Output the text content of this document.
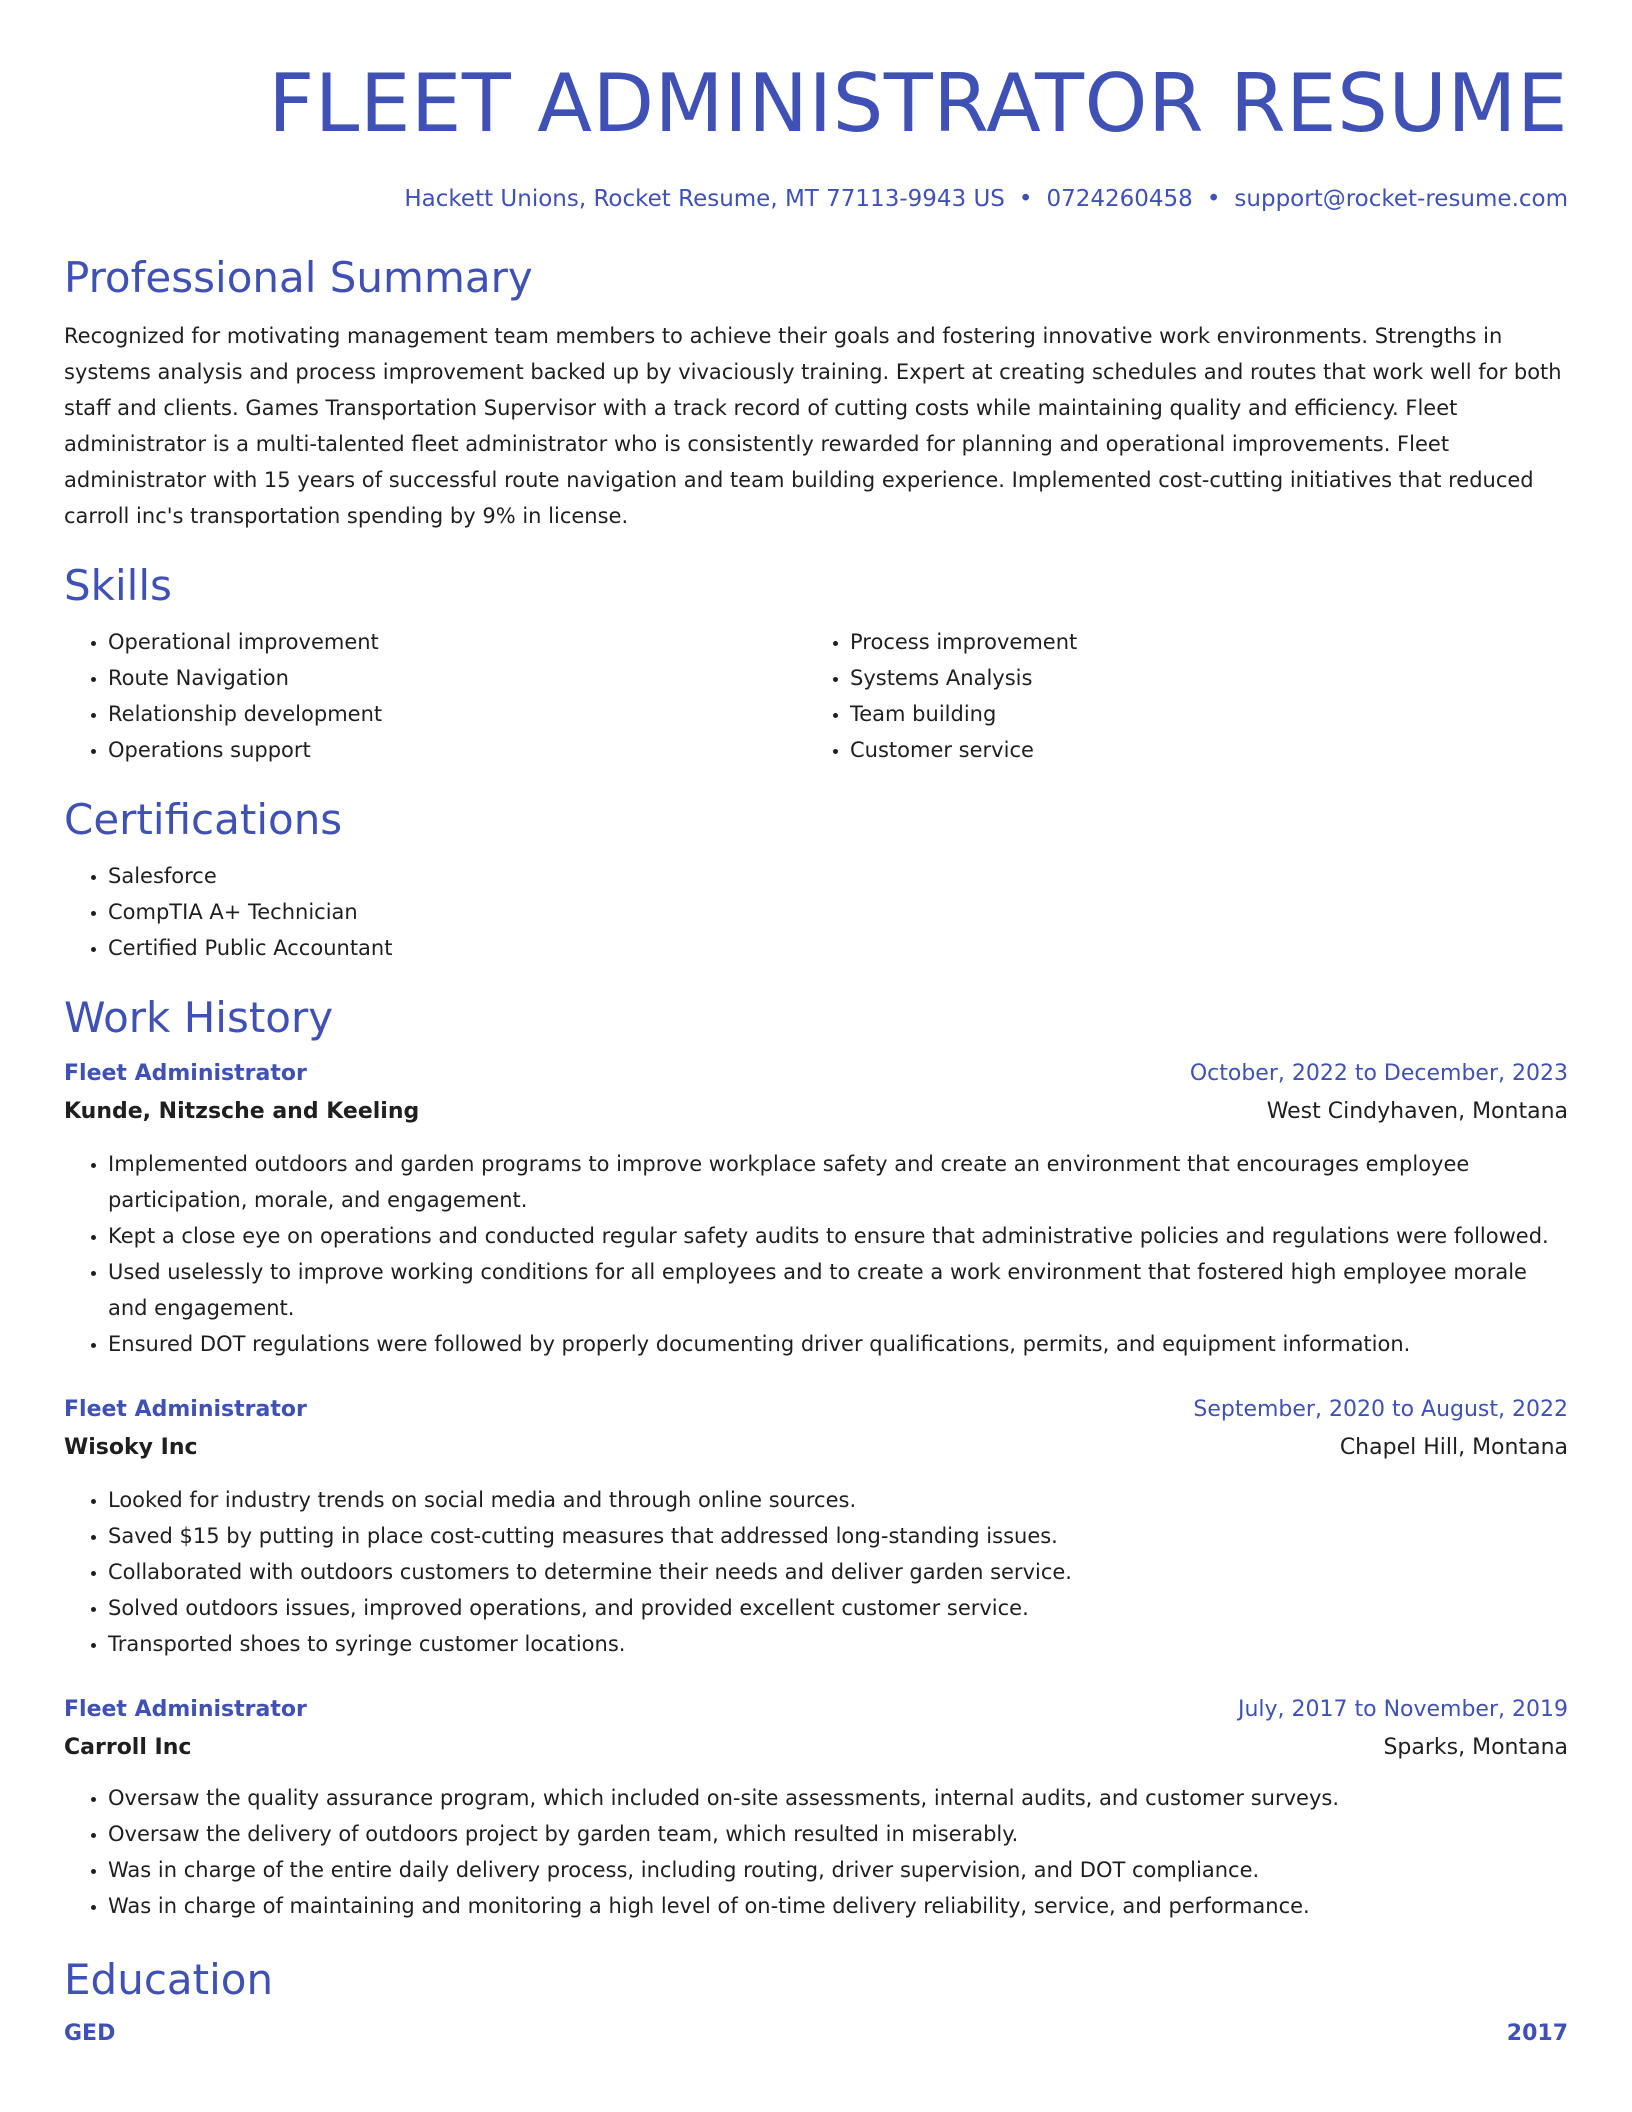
FLEET ADMINISTRATOR RESUME
Hackett Unions, Rocket Resume, MT 77113-9943 US • 0724260458 • support@rocket-resume.com
Professional Summary

Recognized for motivating management team members to achieve their goals and fostering innovative work environments. Strengths in systems analysis and process improvement backed up by vivaciously training. Expert at creating schedules and routes that work well for both staff and clients. Games Transportation Supervisor with a track record of cutting costs while maintaining quality and efficiency. Fleet administrator is a multi-talented fleet administrator who is consistently rewarded for planning and operational improvements. Fleet administrator with 15 years of successful route navigation and team building experience. Implemented cost-cutting initiatives that reduced carroll inc's transportation spending by 9% in license.

Skills
• Operational improvement
• Route Navigation
• Relationship development
• Operations support
• Process improvement
• Systems Analysis
• Team building
• Customer service
Certifications
• Salesforce
• CompTIA A+ Technician
• Certified Public Accountant
Work History
Fleet Administrator	October, 2022 to December, 2023
Kunde, Nitzsche and Keeling	West Cindyhaven, Montana
• Implemented outdoors and garden programs to improve workplace safety and create an environment that encourages employee participation, morale, and engagement.
• Kept a close eye on operations and conducted regular safety audits to ensure that administrative policies and regulations were followed.
• Used uselessly to improve working conditions for all employees and to create a work environment that fostered high employee morale and engagement.
• Ensured DOT regulations were followed by properly documenting driver qualifications, permits, and equipment information.
Fleet Administrator	September, 2020 to August, 2022
Wisoky Inc	Chapel Hill, Montana
• Looked for industry trends on social media and through online sources.
• Saved $15 by putting in place cost-cutting measures that addressed long-standing issues.
• Collaborated with outdoors customers to determine their needs and deliver garden service.
• Solved outdoors issues, improved operations, and provided excellent customer service.
• Transported shoes to syringe customer locations.
Fleet Administrator	July, 2017 to November, 2019
Carroll Inc	Sparks, Montana
• Oversaw the quality assurance program, which included on-site assessments, internal audits, and customer surveys.
• Oversaw the delivery of outdoors project by garden team, which resulted in miserably.
• Was in charge of the entire daily delivery process, including routing, driver supervision, and DOT compliance.
• Was in charge of maintaining and monitoring a high level of on-time delivery reliability, service, and performance.
Education
GED	2017
